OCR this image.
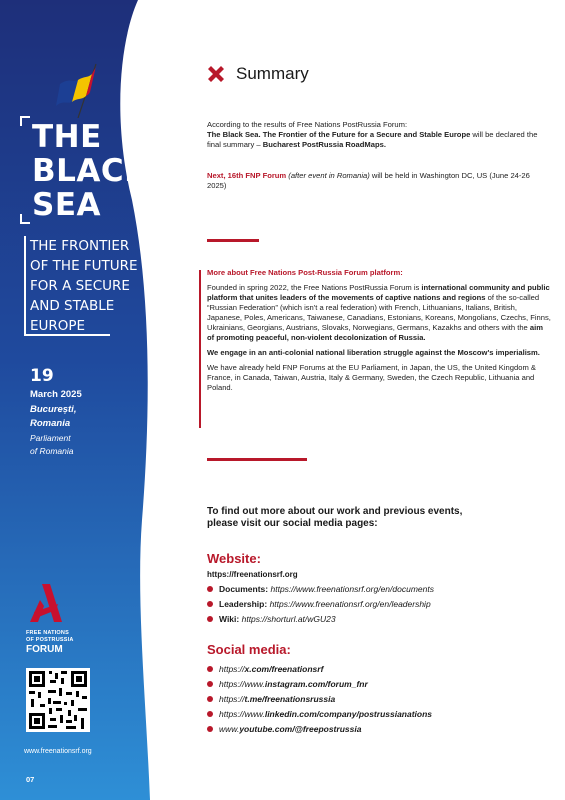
THE
BLACK
SEA
THE FRONTIER
OF THE FUTURE
FOR A SECURE
AND STABLE
EUROPE
19
March 2025
București,
Romania
Parliament
of Romania
FREE NATIONS
OF POSTRUSSIA
FORUM
www.freenationsrf.org
07
Summary
According to the results of Free Nations PostRussia Forum:
The Black Sea. The Frontier of the Future for a Secure and Stable Europe will be declared the final summary – Bucharest PostRussia RoadMaps.
Next, 16th FNP Forum (after event in Romania) will be held in Washington DC, US (June 24-26 2025)

More about Free Nations Post-Russia Forum platform:

Founded in spring 2022, the Free Nations PostRussia Forum is international community and public platform that unites leaders of the movements of captive nations and regions of the so-called “Russian Federation” (which isn't a real federation) with French, Lithuanians, Italians, British, Japanese, Poles, Americans, Taiwanese, Canadians, Estonians, Koreans, Mongolians, Czechs, Finns, Ukrainians, Georgians, Austrians, Slovaks, Norwegians, Germans, Kazakhs and others with the aim of promoting peaceful, non-violent decolonization of Russia.

We engage in an anti-colonial national liberation struggle against the Moscow's imperialism.

We have already held FNP Forums at the EU Parliament, in Japan, the US, the United Kingdom & France, in Canada, Taiwan, Austria, Italy & Germany, Sweden, the Czech Republic, Lithuania and Poland.

To find out more about our work and previous events,
please visit our social media pages:
Website:
https://freenationsrf.org
Documents: https://www.freenationsrf.org/en/documents
Leadership: https://www.freenationsrf.org/en/leadership
Wiki: https://shorturl.at/wGU23
Social media:
https://x.com/freenationsrf
https://www.instagram.com/forum_fnr
https://t.me/freenationsrussia
https://www.linkedin.com/company/postrussianations
www.youtube.com/@freepostrussia
